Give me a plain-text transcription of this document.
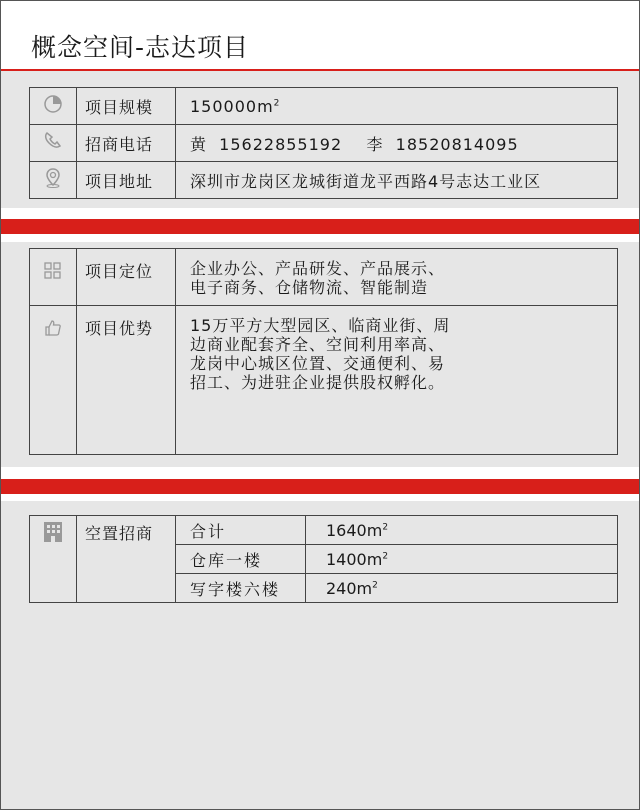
概念空间-志达项目
	项目规模	$150000m^2$
	招商电话	黄  15622855192    李  18520814095
	项目地址	深圳市龙岗区龙城街道龙平西路4号志达工业区
	项目定位	企业办公、产品研发、产品展示、
电子商务、仓储物流、智能制造
	项目优势	15万平方大型园区、临商业街、周
边商业配套齐全、空间利用率高、
龙岗中心城区位置、交通便利、易
招工、为进驻企业提供股权孵化。
	空置招商	合计	$1640m^2$
		仓库一楼	$1400m^2$
		写字楼六楼	$240m^2$
